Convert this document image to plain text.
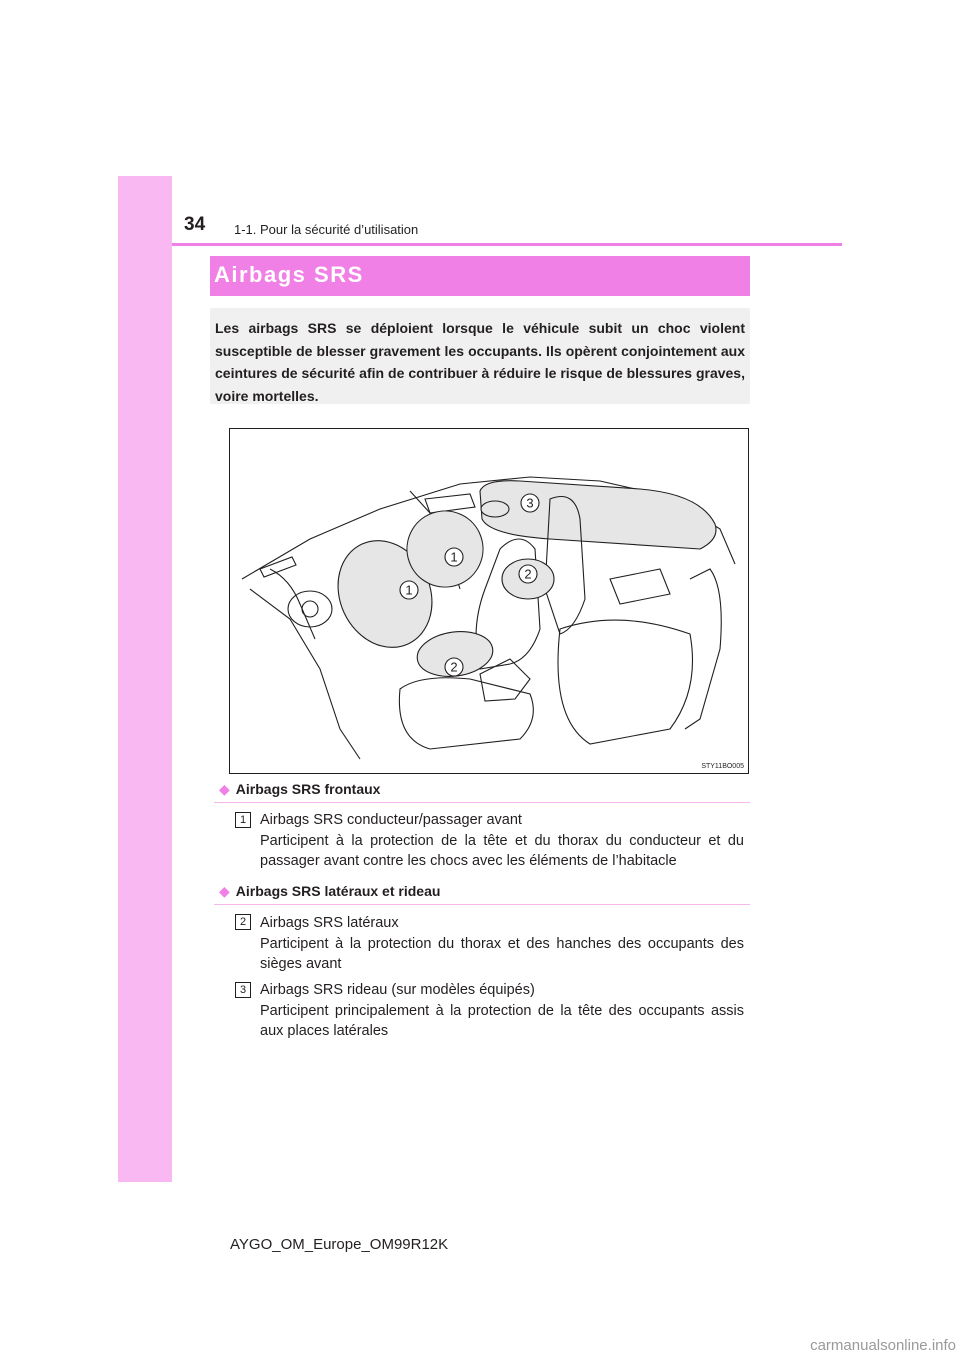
34 1-1. Pour la sécurité d’utilisation
Airbags SRS
Les airbags SRS se déploient lorsque le véhicule subit un choc violent susceptible de blesser gravement les occupants. Ils opèrent conjointement aux ceintures de sécurité afin de contribuer à réduire le risque de blessures graves, voire mortelles.
1
1
2
2
3
STY11BO005
◆ Airbags SRS frontaux
1 Airbags SRS conducteur/passager avant
Participent à la protection de la tête et du thorax du conducteur et du passager avant contre les chocs avec les éléments de l’habitacle
◆ Airbags SRS latéraux et rideau
2 Airbags SRS latéraux
Participent à la protection du thorax et des hanches des occupants des sièges avant
3 Airbags SRS rideau (sur modèles équipés)
Participent principalement à la protection de la tête des occupants assis aux places latérales
AYGO_OM_Europe_OM99R12K
carmanualsonline.info
